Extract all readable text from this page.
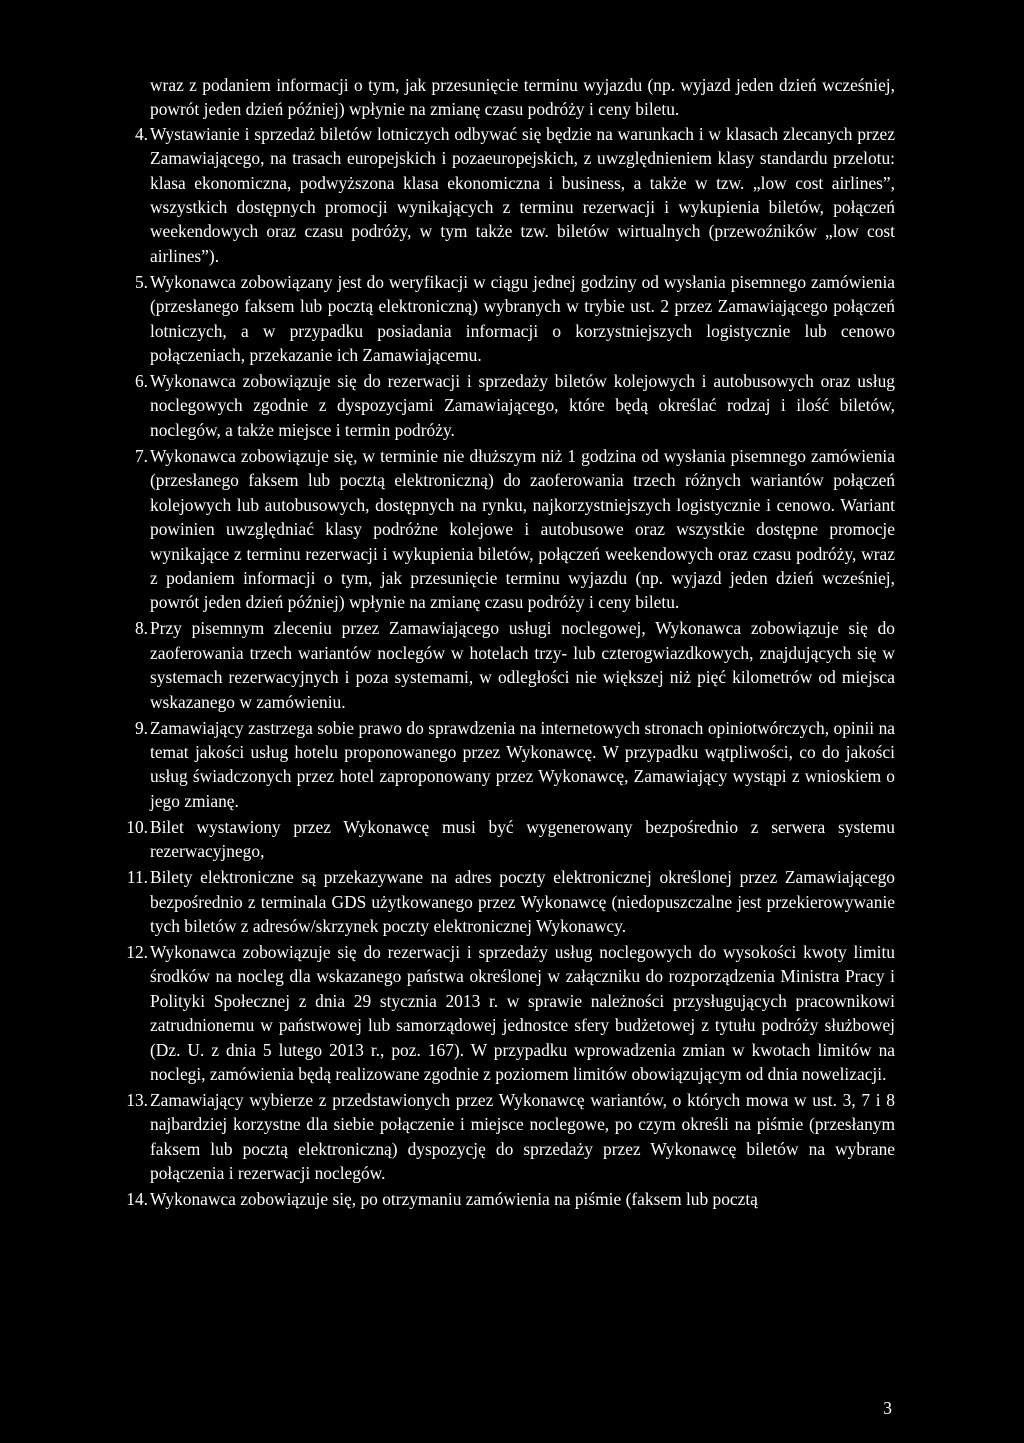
wraz z podaniem informacji o tym, jak przesunięcie terminu wyjazdu (np. wyjazd jeden dzień wcześniej, powrót jeden dzień później) wpłynie na zmianę czasu podróży i ceny biletu.

4. Wystawianie i sprzedaż biletów lotniczych odbywać się będzie na warunkach i w klasach zlecanych przez Zamawiającego, na trasach europejskich i pozaeuropejskich, z uwzględnieniem klasy standardu przelotu: klasa ekonomiczna, podwyższona klasa ekonomiczna i business, a także w tzw. „low cost airlines”, wszystkich dostępnych promocji wynikających z terminu rezerwacji i wykupienia biletów, połączeń weekendowych oraz czasu podróży, w tym także tzw. biletów wirtualnych (przewoźników „low cost airlines”).
5. Wykonawca zobowiązany jest do weryfikacji w ciągu jednej godziny od wysłania pisemnego zamówienia (przesłanego faksem lub pocztą elektroniczną) wybranych w trybie ust. 2 przez Zamawiającego połączeń lotniczych, a w przypadku posiadania informacji o korzystniejszych logistycznie lub cenowo połączeniach, przekazanie ich Zamawiającemu.
6. Wykonawca zobowiązuje się do rezerwacji i sprzedaży biletów kolejowych i autobusowych oraz usług noclegowych zgodnie z dyspozycjami Zamawiającego, które będą określać rodzaj i ilość biletów, noclegów, a także miejsce i termin podróży.
7. Wykonawca zobowiązuje się, w terminie nie dłuższym niż 1 godzina od wysłania pisemnego zamówienia (przesłanego faksem lub pocztą elektroniczną) do zaoferowania trzech różnych wariantów połączeń kolejowych lub autobusowych, dostępnych na rynku, najkorzystniejszych logistycznie i cenowo. Wariant powinien uwzględniać klasy podróżne kolejowe i autobusowe oraz wszystkie dostępne promocje wynikające z terminu rezerwacji i wykupienia biletów, połączeń weekendowych oraz czasu podróży, wraz z podaniem informacji o tym, jak przesunięcie terminu wyjazdu (np. wyjazd jeden dzień wcześniej, powrót jeden dzień później) wpłynie na zmianę czasu podróży i ceny biletu.
8. Przy pisemnym zleceniu przez Zamawiającego usługi noclegowej, Wykonawca zobowiązuje się do zaoferowania trzech wariantów noclegów w hotelach trzy- lub czterogwiazdkowych, znajdujących się w systemach rezerwacyjnych i poza systemami, w odległości nie większej niż pięć kilometrów od miejsca wskazanego w zamówieniu.
9. Zamawiający zastrzega sobie prawo do sprawdzenia na internetowych stronach opiniotwórczych, opinii na temat jakości usług hotelu proponowanego przez Wykonawcę. W przypadku wątpliwości, co do jakości usług świadczonych przez hotel zaproponowany przez Wykonawcę, Zamawiający wystąpi z wnioskiem o jego zmianę.
10. Bilet wystawiony przez Wykonawcę musi być wygenerowany bezpośrednio z serwera systemu rezerwacyjnego,
11. Bilety elektroniczne są przekazywane na adres poczty elektronicznej określonej przez Zamawiającego bezpośrednio z terminala GDS użytkowanego przez Wykonawcę (niedopuszczalne jest przekierowywanie tych biletów z adresów/skrzynek poczty elektronicznej Wykonawcy.
12. Wykonawca zobowiązuje się do rezerwacji i sprzedaży usług noclegowych do wysokości kwoty limitu środków na nocleg dla wskazanego państwa określonej w załączniku do rozporządzenia Ministra Pracy i Polityki Społecznej z dnia 29 stycznia 2013 r. w sprawie należności przysługujących pracownikowi zatrudnionemu w państwowej lub samorządowej jednostce sfery budżetowej z tytułu podróży służbowej (Dz. U. z dnia 5 lutego 2013 r., poz. 167). W przypadku wprowadzenia zmian w kwotach limitów na noclegi, zamówienia będą realizowane zgodnie z poziomem limitów obowiązującym od dnia nowelizacji.
13. Zamawiający wybierze z przedstawionych przez Wykonawcę wariantów, o których mowa w ust. 3, 7 i 8 najbardziej korzystne dla siebie połączenie i miejsce noclegowe, po czym określi na piśmie (przesłanym faksem lub pocztą elektroniczną) dyspozycję do sprzedaży przez Wykonawcę biletów na wybrane połączenia i rezerwacji noclegów.
14. Wykonawca zobowiązuje się, po otrzymaniu zamówienia na piśmie (faksem lub pocztą
3
